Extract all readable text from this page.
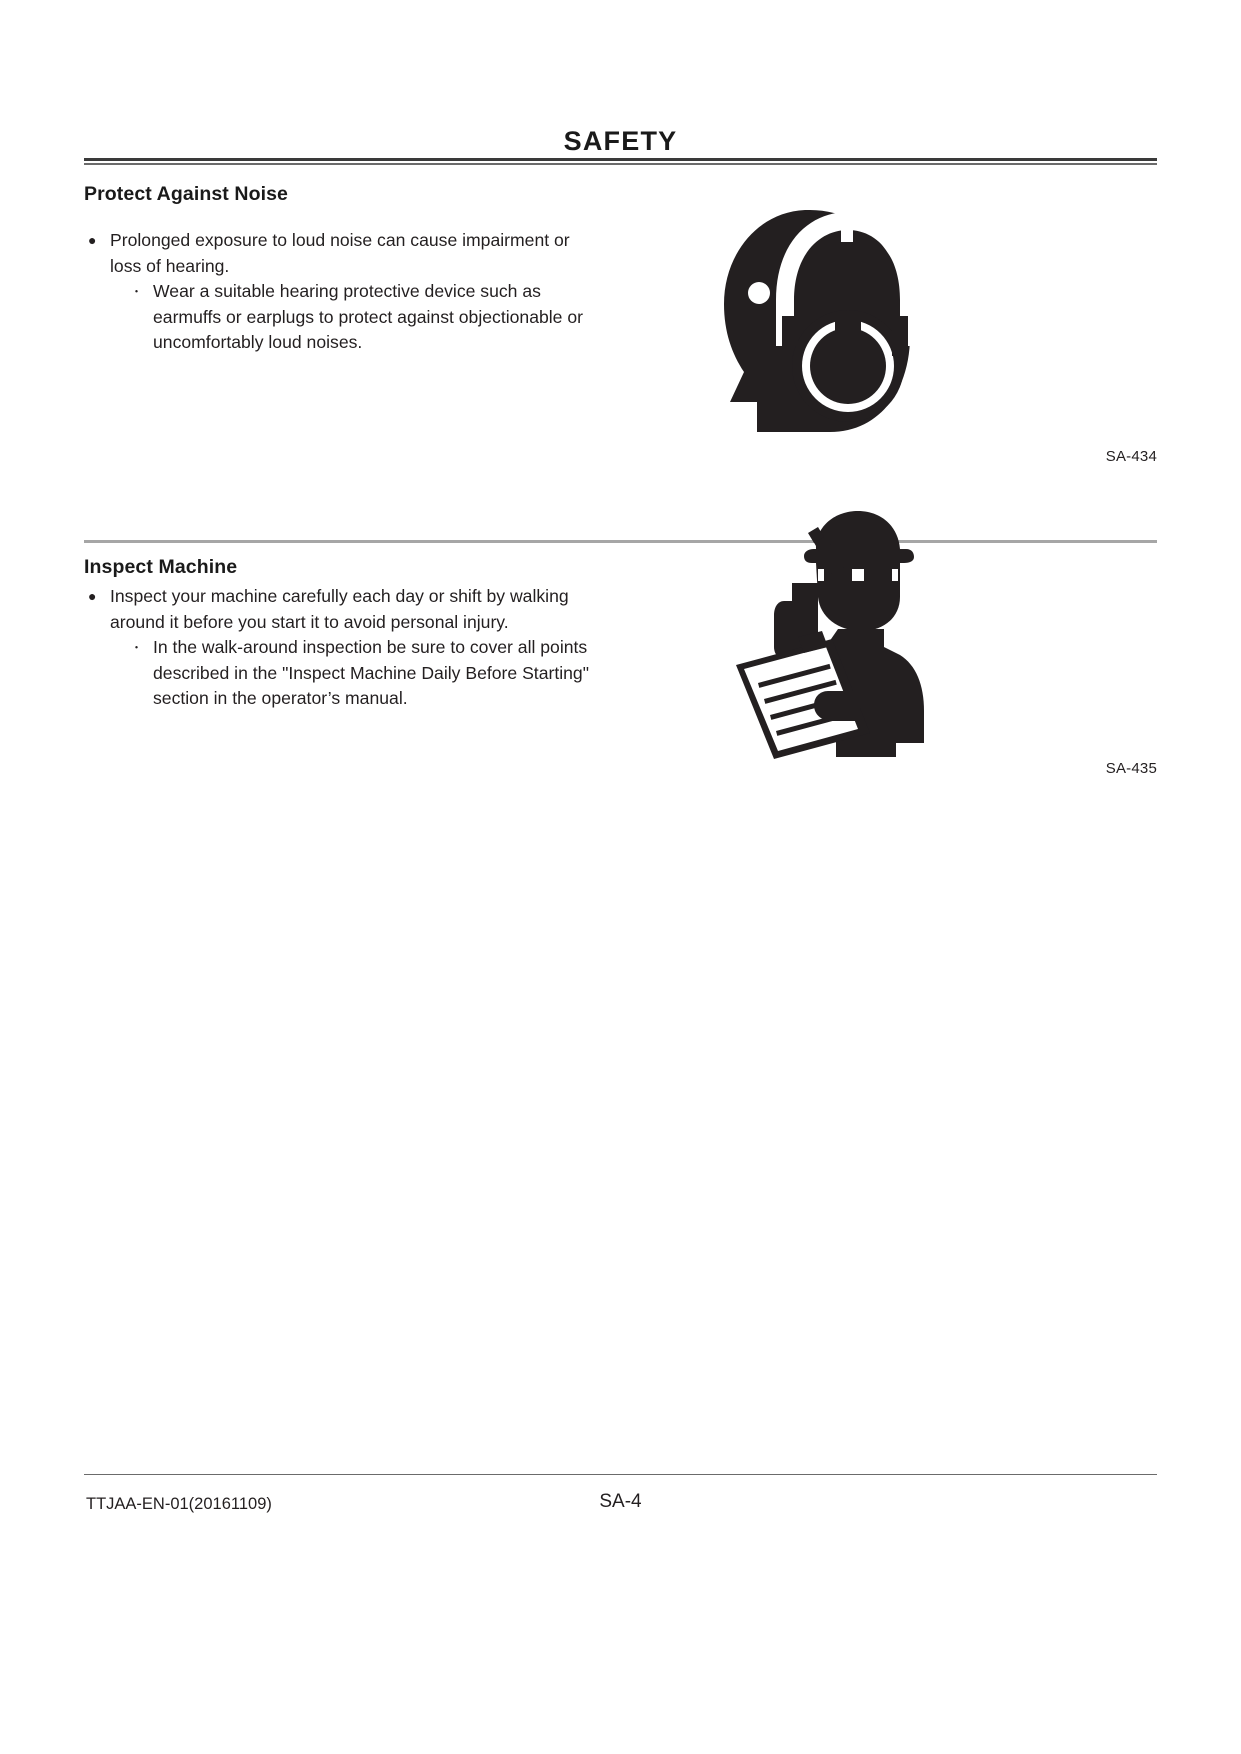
SAFETY
Protect Against Noise
● Prolonged exposure to loud noise can cause impairment or loss of hearing.
・ Wear a suitable hearing protective device such as earmuffs or earplugs to protect against objectionable or uncomfortably loud noises.
SA-434
Inspect Machine
● Inspect your machine carefully each day or shift by walking around it before you start it to avoid personal injury.
・ In the walk-around inspection be sure to cover all points described in the "Inspect Machine Daily Before Starting" section in the operator’s manual.
SA-435
TTJAA-EN-01(20161109)	SA-4
